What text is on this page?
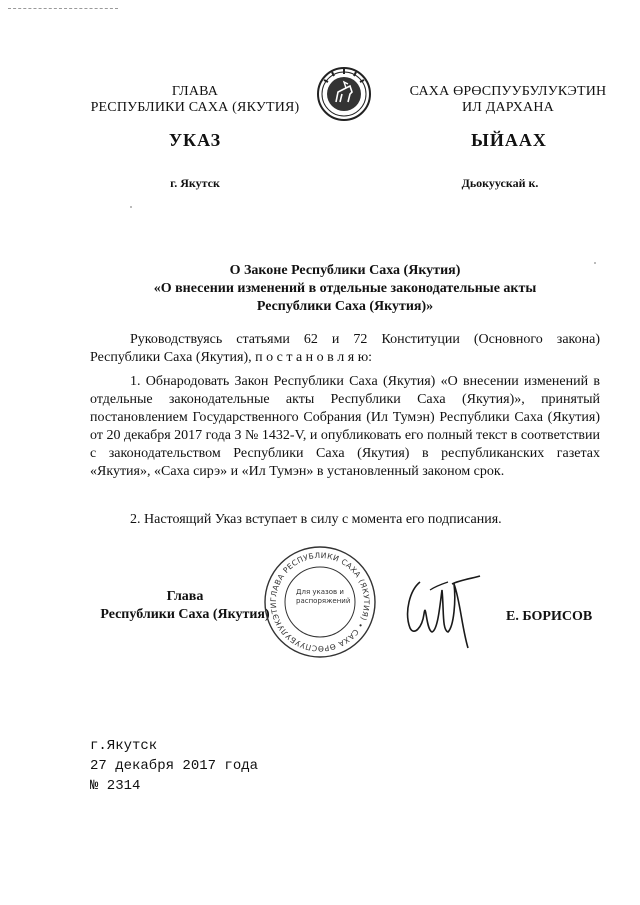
ГЛАВА
РЕСПУБЛИКИ САХА (ЯКУТИЯ)
САХА ӨРӨСПУУБУЛУКЭТИН
ИЛ ДАРХАНА
УКАЗ	ЫЙААХ
г. Якутск	Дьокуускай к.
О Законе Республики Саха (Якутия)
«О внесении изменений в отдельные законодательные акты
Республики Саха (Якутия)»
Руководствуясь статьями 62 и 72 Конституции (Основного закона) Республики Саха (Якутия), п о с т а н о в л я ю:
1. Обнародовать Закон Республики Саха (Якутия) «О внесении изменений в отдельные законодательные акты Республики Саха (Якутия)», принятый постановлением Государственного Собрания (Ил Тумэн) Республики Саха (Якутия) от 20 декабря 2017 года З № 1432-V, и опубликовать его полный текст в соответствии с законодательством Республики Саха (Якутия) в республиканских газетах «Якутия», «Саха сирэ» и «Ил Тумэн» в установленный законом срок.
2. Настоящий Указ вступает в силу с момента его подписания.
Глава
Республики Саха (Якутия)
ГЛАВА РЕСПУБЛИКИ САХА (ЯКУТИЯ) • САХА ӨРӨСПУУБУЛУКЭТИ
Для указов и распоряжений
Е. БОРИСОВ
г.Якутск
27 декабря 2017 года
№ 2314
